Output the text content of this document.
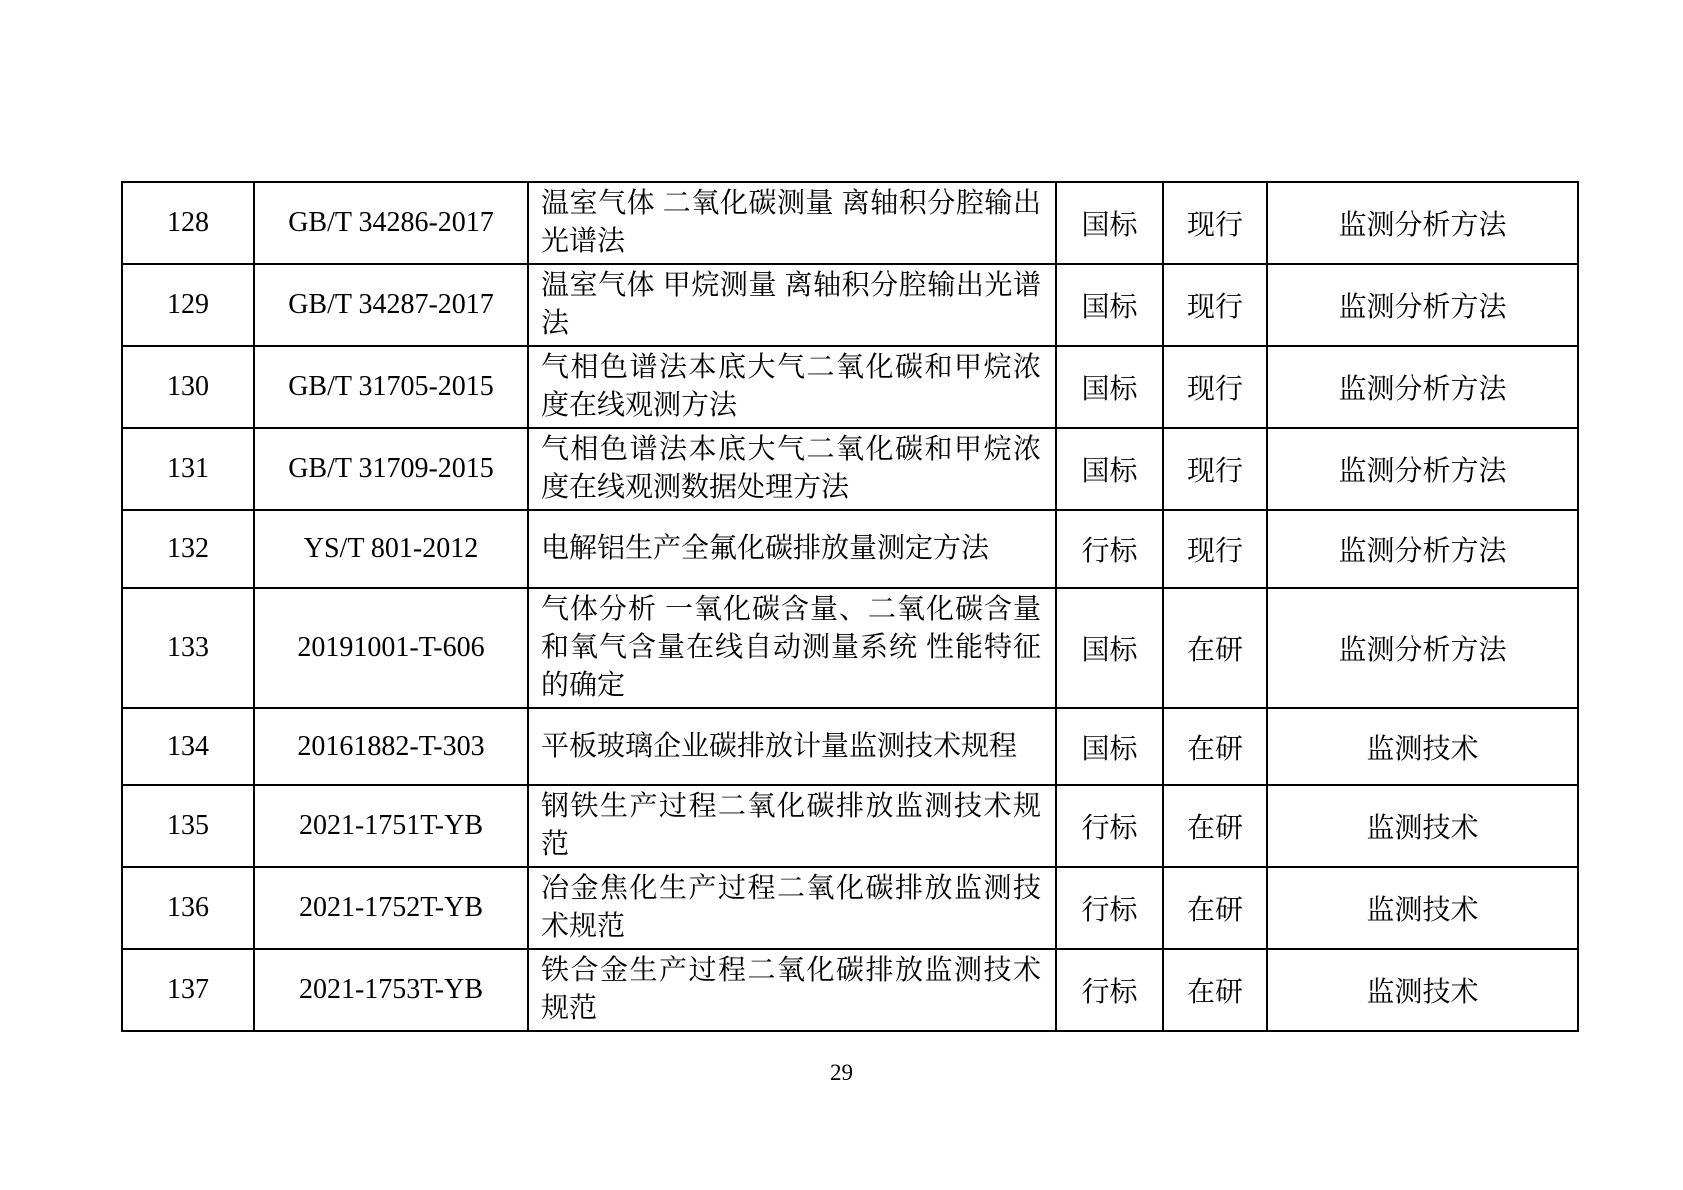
128	GB/T 34286-2017	温室气体 二氧化碳测量 离轴积分腔输出光谱法	国标	现行	监测分析方法
129	GB/T 34287-2017	温室气体 甲烷测量 离轴积分腔输出光谱法	国标	现行	监测分析方法
130	GB/T 31705-2015	气相色谱法本底大气二氧化碳和甲烷浓度在线观测方法	国标	现行	监测分析方法
131	GB/T 31709-2015	气相色谱法本底大气二氧化碳和甲烷浓度在线观测数据处理方法	国标	现行	监测分析方法
132	YS/T 801-2012	电解铝生产全氟化碳排放量测定方法	行标	现行	监测分析方法
133	20191001-T-606	气体分析 一氧化碳含量、二氧化碳含量和氧气含量在线自动测量系统 性能特征的确定	国标	在研	监测分析方法
134	20161882-T-303	平板玻璃企业碳排放计量监测技术规程	国标	在研	监测技术
135	2021-1751T-YB	钢铁生产过程二氧化碳排放监测技术规范	行标	在研	监测技术
136	2021-1752T-YB	冶金焦化生产过程二氧化碳排放监测技术规范	行标	在研	监测技术
137	2021-1753T-YB	铁合金生产过程二氧化碳排放监测技术规范	行标	在研	监测技术
29
